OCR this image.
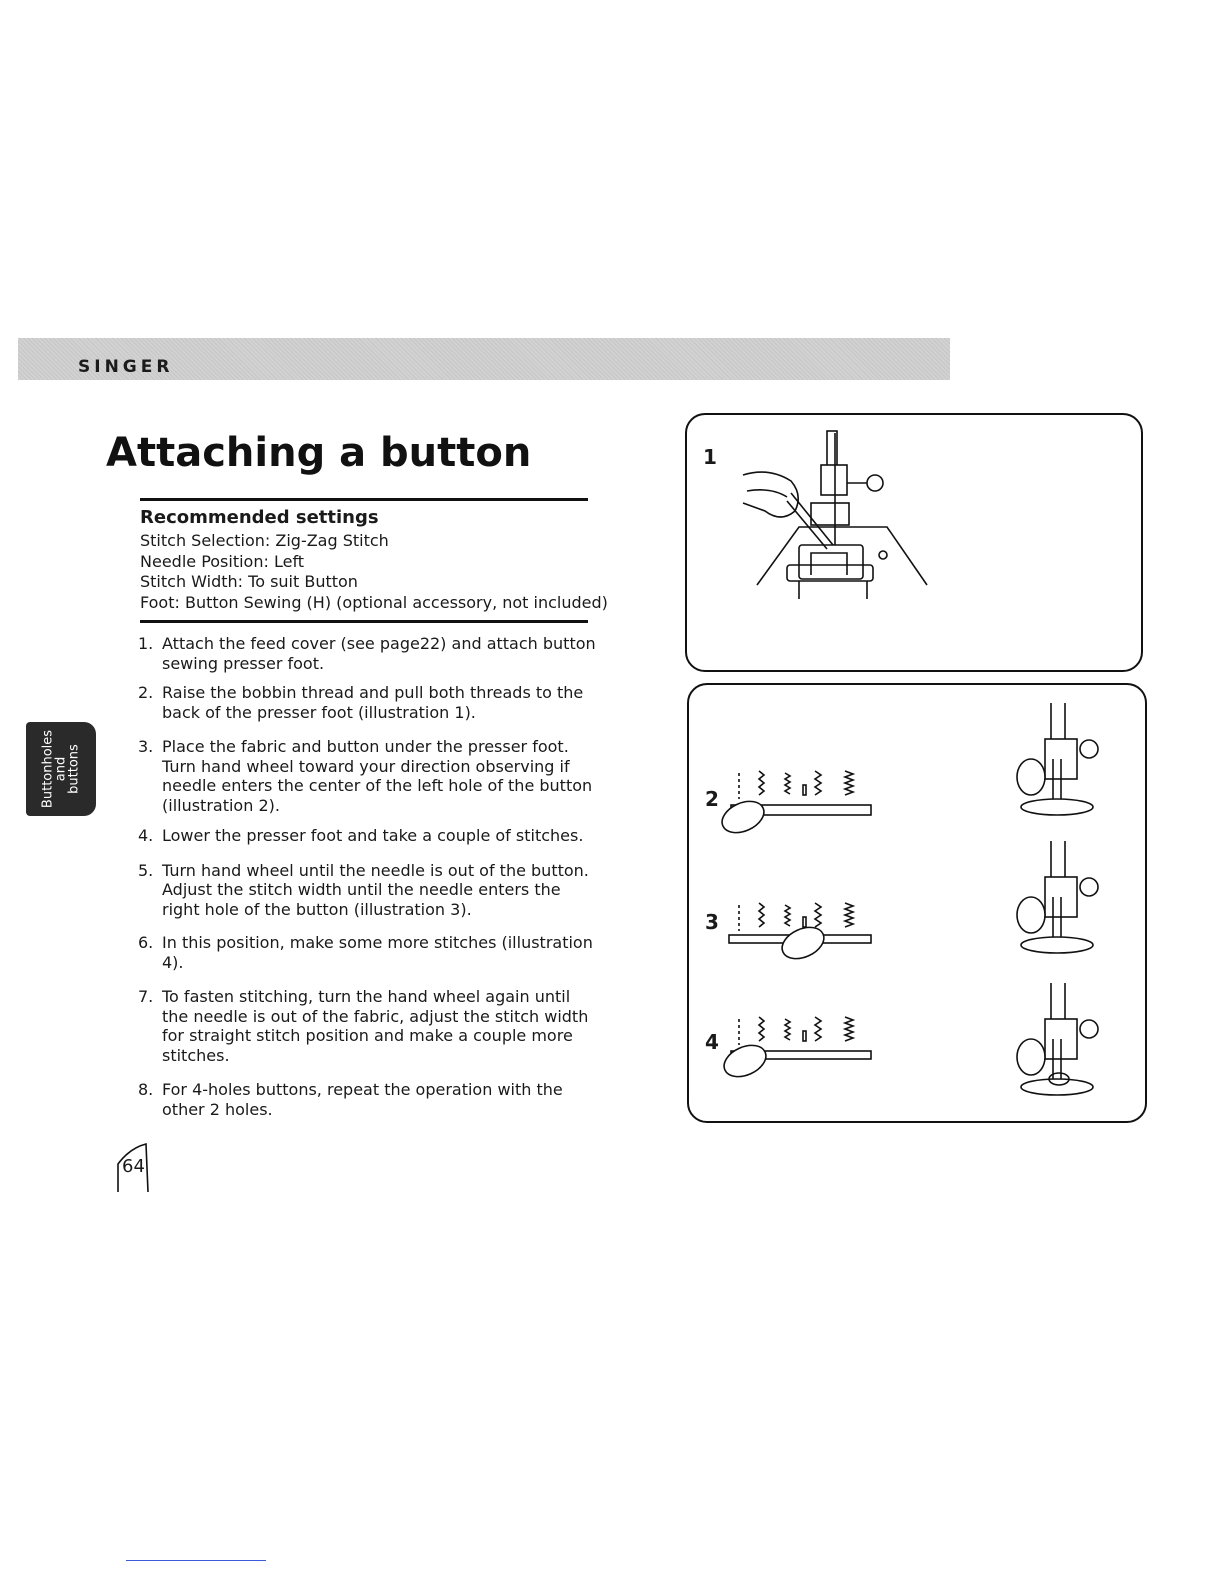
SINGER
Buttonholes
and
buttons
Attaching a button
Recommended settings
Stitch Selection: Zig-Zag Stitch
Needle Position: Left
Stitch Width: To suit Button
Foot: Button Sewing (H) (optional accessory, not included)
1. Attach the feed cover (see page22) and attach button sewing presser foot.
2. Raise the bobbin thread and pull both threads to the back of the presser foot (illustration 1).
3. Place the fabric and button under the presser foot. Turn hand wheel toward your direction observing if needle enters the center of the left hole of the button (illustration 2).
4. Lower the presser foot and take a couple of stitches.
5. Turn hand wheel until the needle is out of the button. Adjust the stitch width until the needle enters the right hole of the button (illustration 3).
6. In this position, make some more stitches (illustration 4).
7. To fasten stitching, turn the hand wheel again until the needle is out of the fabric, adjust the stitch width for straight stitch position and make a couple more stitches.
8. For 4-holes buttons, repeat the operation with the other 2 holes.
64
1
2
3
4
